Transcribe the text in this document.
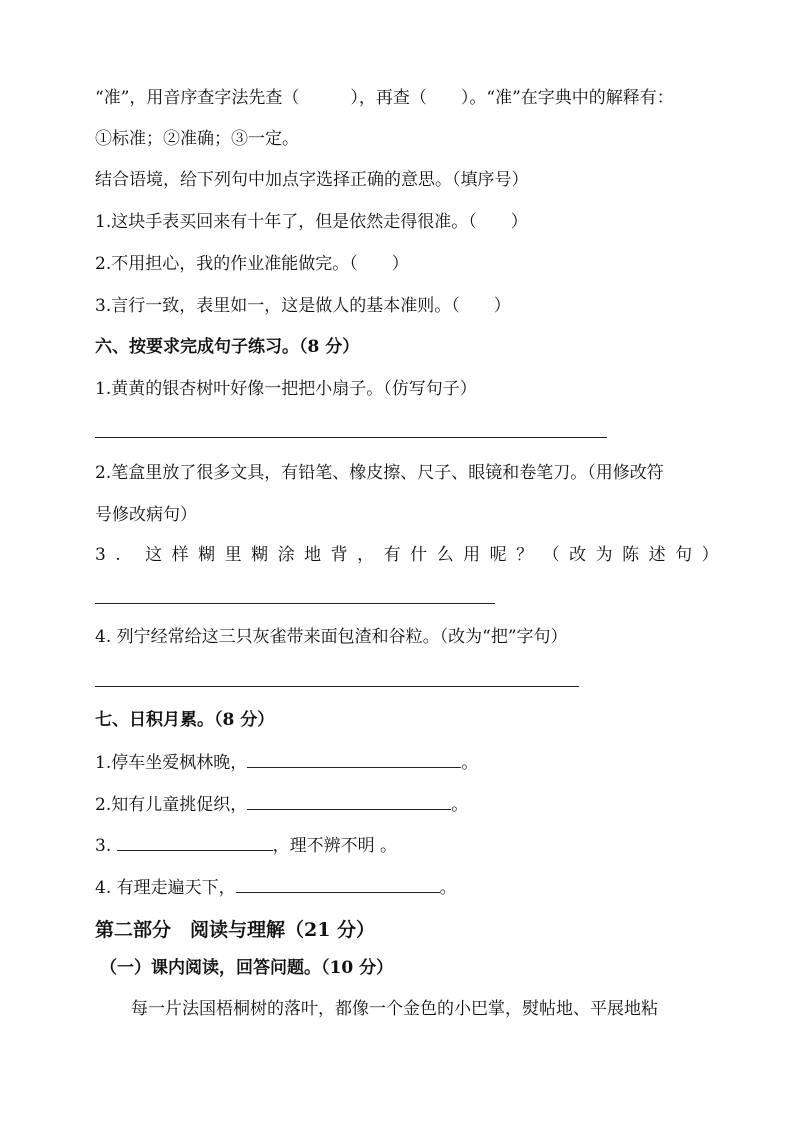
“准”，用音序查字法先查（　　　），再查（　　）。“准”在字典中的解释有：
①标准；②准确；③一定。
结合语境，给下列句中加点字选择正确的意思。（填序号）
1.这块手表买回来有十年了，但是依然走得很准。（　　）
2.不用担心，我的作业准能做完。（　　）
3.言行一致，表里如一，这是做人的基本准则。（　　）
六、按要求完成句子练习。（8 分）
1.黄黄的银杏树叶好像一把把小扇子。（仿写句子）
2.笔盒里放了很多文具，有铅笔、橡皮擦、尺子、眼镜和卷笔刀。（用修改符
号修改病句）
3. 这样糊里糊涂地背，有什么用呢？（改为陈述句）
4. 列宁经常给这三只灰雀带来面包渣和谷粒。（改为“把”字句）
七、日积月累。（8 分）
1.停车坐爱枫林晚，	。
2.知有儿童挑促织，	。
3.	，理不辨不明 。
4. 有理走遍天下，	。
第二部分　阅读与理解（21 分）
（一）课内阅读，回答问题。（10 分）
每一片法国梧桐树的落叶，都像一个金色的小巴掌，熨帖地、平展地粘
